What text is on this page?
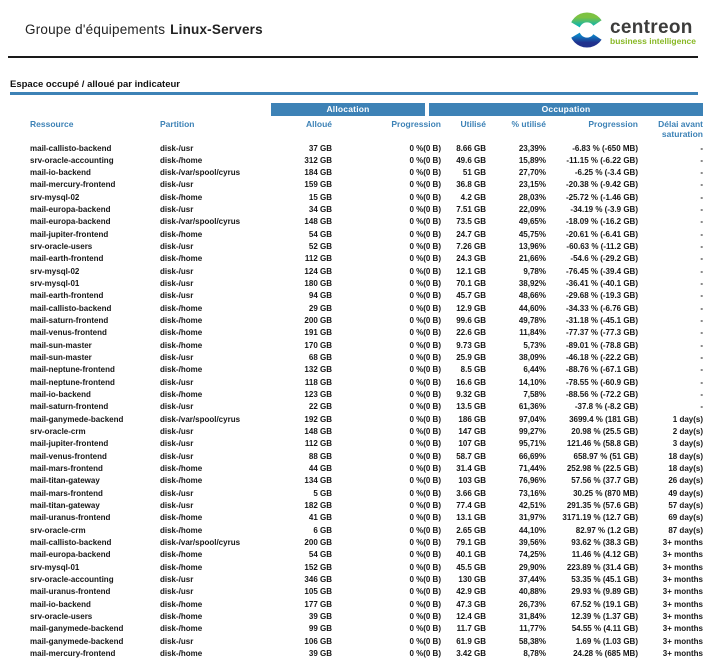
Groupe d'équipements Linux-Servers	centreon
business intelligence
Espace occupé / alloué par indicateur
Allocation	Occupation
Ressource	Partition	Alloué	Progression	Utilisé	% utilisé	Progression	Délai avant saturation
mail-callisto-backend	disk-/usr	37 GB	0 %(0 B)	8.66 GB	23,39%	-6.83 % (-650 MB)	-
srv-oracle-accounting	disk-/home	312 GB	0 %(0 B)	49.6 GB	15,89%	-11.15 % (-6.22 GB)	-
mail-io-backend	disk-/var/spool/cyrus	184 GB	0 %(0 B)	51 GB	27,70%	-6.25 % (-3.4 GB)	-
mail-mercury-frontend	disk-/usr	159 GB	0 %(0 B)	36.8 GB	23,15%	-20.38 % (-9.42 GB)	-
srv-mysql-02	disk-/home	15 GB	0 %(0 B)	4.2 GB	28,03%	-25.72 % (-1.46 GB)	-
mail-europa-backend	disk-/usr	34 GB	0 %(0 B)	7.51 GB	22,09%	-34.19 % (-3.9 GB)	-
mail-europa-backend	disk-/var/spool/cyrus	148 GB	0 %(0 B)	73.5 GB	49,65%	-18.09 % (-16.2 GB)	-
mail-jupiter-frontend	disk-/home	54 GB	0 %(0 B)	24.7 GB	45,75%	-20.61 % (-6.41 GB)	-
srv-oracle-users	disk-/usr	52 GB	0 %(0 B)	7.26 GB	13,96%	-60.63 % (-11.2 GB)	-
mail-earth-frontend	disk-/home	112 GB	0 %(0 B)	24.3 GB	21,66%	-54.6 % (-29.2 GB)	-
srv-mysql-02	disk-/usr	124 GB	0 %(0 B)	12.1 GB	9,78%	-76.45 % (-39.4 GB)	-
srv-mysql-01	disk-/usr	180 GB	0 %(0 B)	70.1 GB	38,92%	-36.41 % (-40.1 GB)	-
mail-earth-frontend	disk-/usr	94 GB	0 %(0 B)	45.7 GB	48,66%	-29.68 % (-19.3 GB)	-
mail-callisto-backend	disk-/home	29 GB	0 %(0 B)	12.9 GB	44,60%	-34.33 % (-6.76 GB)	-
mail-saturn-frontend	disk-/home	200 GB	0 %(0 B)	99.6 GB	49,78%	-31.18 % (-45.1 GB)	-
mail-venus-frontend	disk-/home	191 GB	0 %(0 B)	22.6 GB	11,84%	-77.37 % (-77.3 GB)	-
mail-sun-master	disk-/home	170 GB	0 %(0 B)	9.73 GB	5,73%	-89.01 % (-78.8 GB)	-
mail-sun-master	disk-/usr	68 GB	0 %(0 B)	25.9 GB	38,09%	-46.18 % (-22.2 GB)	-
mail-neptune-frontend	disk-/home	132 GB	0 %(0 B)	8.5 GB	6,44%	-88.76 % (-67.1 GB)	-
mail-neptune-frontend	disk-/usr	118 GB	0 %(0 B)	16.6 GB	14,10%	-78.55 % (-60.9 GB)	-
mail-io-backend	disk-/home	123 GB	0 %(0 B)	9.32 GB	7,58%	-88.56 % (-72.2 GB)	-
mail-saturn-frontend	disk-/usr	22 GB	0 %(0 B)	13.5 GB	61,36%	-37.8 % (-8.2 GB)	-
mail-ganymede-backend	disk-/var/spool/cyrus	192 GB	0 %(0 B)	186 GB	97,04%	3699.4 % (181 GB)	1 day(s)
srv-oracle-crm	disk-/usr	148 GB	0 %(0 B)	147 GB	99,27%	20.98 % (25.5 GB)	2 day(s)
mail-jupiter-frontend	disk-/usr	112 GB	0 %(0 B)	107 GB	95,71%	121.46 % (58.8 GB)	3 day(s)
mail-venus-frontend	disk-/usr	88 GB	0 %(0 B)	58.7 GB	66,69%	658.97 % (51 GB)	18 day(s)
mail-mars-frontend	disk-/home	44 GB	0 %(0 B)	31.4 GB	71,44%	252.98 % (22.5 GB)	18 day(s)
mail-titan-gateway	disk-/home	134 GB	0 %(0 B)	103 GB	76,96%	57.56 % (37.7 GB)	26 day(s)
mail-mars-frontend	disk-/usr	5 GB	0 %(0 B)	3.66 GB	73,16%	30.25 % (870 MB)	49 day(s)
mail-titan-gateway	disk-/usr	182 GB	0 %(0 B)	77.4 GB	42,51%	291.35 % (57.6 GB)	57 day(s)
mail-uranus-frontend	disk-/home	41 GB	0 %(0 B)	13.1 GB	31,97%	3171.19 % (12.7 GB)	69 day(s)
srv-oracle-crm	disk-/home	6 GB	0 %(0 B)	2.65 GB	44,10%	82.97 % (1.2 GB)	87 day(s)
mail-callisto-backend	disk-/var/spool/cyrus	200 GB	0 %(0 B)	79.1 GB	39,56%	93.62 % (38.3 GB)	3+ months
mail-europa-backend	disk-/home	54 GB	0 %(0 B)	40.1 GB	74,25%	11.46 % (4.12 GB)	3+ months
srv-mysql-01	disk-/home	152 GB	0 %(0 B)	45.5 GB	29,90%	223.89 % (31.4 GB)	3+ months
srv-oracle-accounting	disk-/usr	346 GB	0 %(0 B)	130 GB	37,44%	53.35 % (45.1 GB)	3+ months
mail-uranus-frontend	disk-/usr	105 GB	0 %(0 B)	42.9 GB	40,88%	29.93 % (9.89 GB)	3+ months
mail-io-backend	disk-/home	177 GB	0 %(0 B)	47.3 GB	26,73%	67.52 % (19.1 GB)	3+ months
srv-oracle-users	disk-/home	39 GB	0 %(0 B)	12.4 GB	31,84%	12.39 % (1.37 GB)	3+ months
mail-ganymede-backend	disk-/home	99 GB	0 %(0 B)	11.7 GB	11,77%	54.55 % (4.11 GB)	3+ months
mail-ganymede-backend	disk-/usr	106 GB	0 %(0 B)	61.9 GB	58,38%	1.69 % (1.03 GB)	3+ months
mail-mercury-frontend	disk-/home	39 GB	0 %(0 B)	3.42 GB	8,78%	24.28 % (685 MB)	3+ months
